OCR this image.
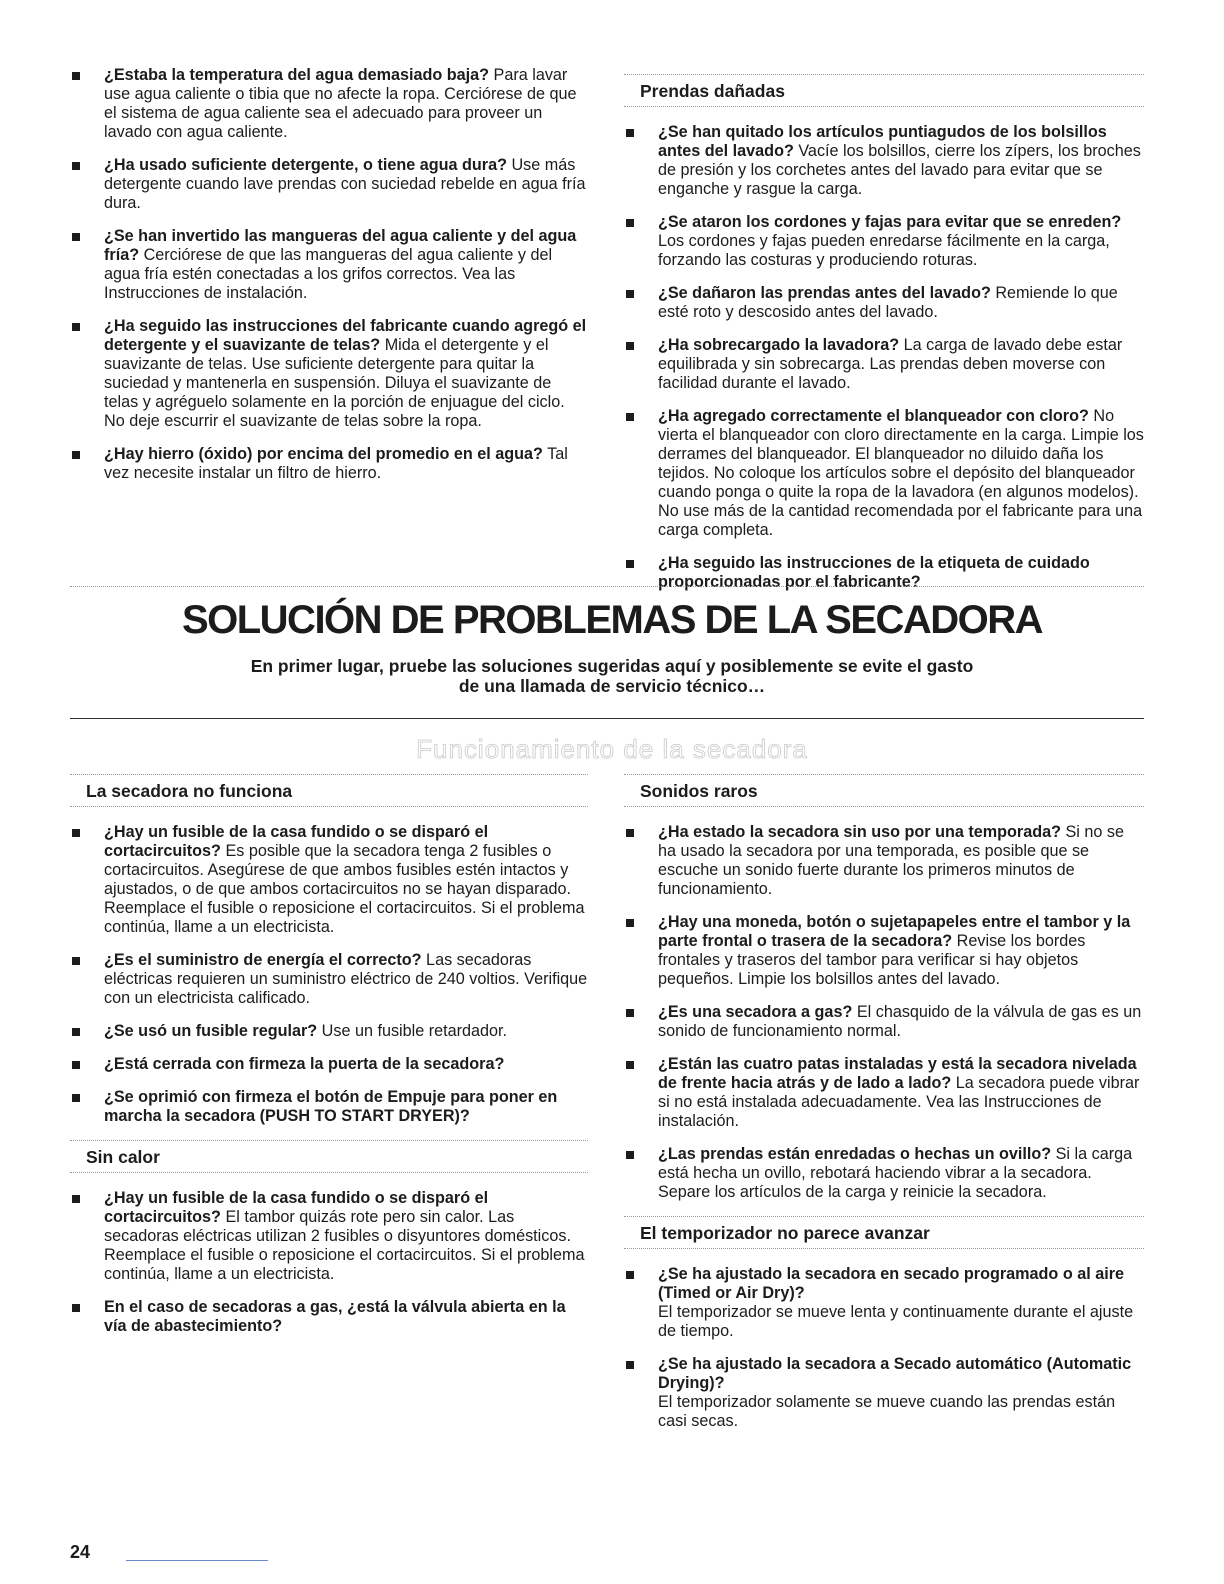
¿Estaba la temperatura del agua demasiado baja? Para lavar use agua caliente o tibia que no afecte la ropa. Cerciórese de que el sistema de agua caliente sea el adecuado para proveer un lavado con agua caliente.
¿Ha usado suficiente detergente, o tiene agua dura? Use más detergente cuando lave prendas con suciedad rebelde en agua fría dura.
¿Se han invertido las mangueras del agua caliente y del agua fría? Cerciórese de que las mangueras del agua caliente y del agua fría estén conectadas a los grifos correctos. Vea las Instrucciones de instalación.
¿Ha seguido las instrucciones del fabricante cuando agregó el detergente y el suavizante de telas? Mida el detergente y el suavizante de telas. Use suficiente detergente para quitar la suciedad y mantenerla en suspensión. Diluya el suavizante de telas y agréguelo solamente en la porción de enjuague del ciclo. No deje escurrir el suavizante de telas sobre la ropa.
¿Hay hierro (óxido) por encima del promedio en el agua? Tal vez necesite instalar un filtro de hierro.
Prendas dañadas
¿Se han quitado los artículos puntiagudos de los bolsillos antes del lavado? Vacíe los bolsillos, cierre los zípers, los broches de presión y los corchetes antes del lavado para evitar que se enganche y rasgue la carga.
¿Se ataron los cordones y fajas para evitar que se enreden? Los cordones y fajas pueden enredarse fácilmente en la carga, forzando las costuras y produciendo roturas.
¿Se dañaron las prendas antes del lavado? Remiende lo que esté roto y descosido antes del lavado.
¿Ha sobrecargado la lavadora? La carga de lavado debe estar equilibrada y sin sobrecarga. Las prendas deben moverse con facilidad durante el lavado.
¿Ha agregado correctamente el blanqueador con cloro? No vierta el blanqueador con cloro directamente en la carga. Limpie los derrames del blanqueador. El blanqueador no diluido daña los tejidos. No coloque los artículos sobre el depósito del blanqueador cuando ponga o quite la ropa de la lavadora (en algunos modelos). No use más de la cantidad recomendada por el fabricante para una carga completa.
¿Ha seguido las instrucciones de la etiqueta de cuidado proporcionadas por el fabricante?
SOLUCIÓN DE PROBLEMAS DE LA SECADORA
En primer lugar, pruebe las soluciones sugeridas aquí y posiblemente se evite el gasto
de una llamada de servicio técnico…
Funcionamiento de la secadora
La secadora no funciona
¿Hay un fusible de la casa fundido o se disparó el cortacircuitos? Es posible que la secadora tenga 2 fusibles o cortacircuitos. Asegúrese de que ambos fusibles estén intactos y ajustados, o de que ambos cortacircuitos no se hayan disparado. Reemplace el fusible o reposicione el cortacircuitos. Si el problema continúa, llame a un electricista.
¿Es el suministro de energía el correcto? Las secadoras eléctricas requieren un suministro eléctrico de 240 voltios. Verifique con un electricista calificado.
¿Se usó un fusible regular? Use un fusible retardador.
¿Está cerrada con firmeza la puerta de la secadora?
¿Se oprimió con firmeza el botón de Empuje para poner en marcha la secadora (PUSH TO START DRYER)?
Sin calor
¿Hay un fusible de la casa fundido o se disparó el cortacircuitos? El tambor quizás rote pero sin calor. Las secadoras eléctricas utilizan 2 fusibles o disyuntores domésticos. Reemplace el fusible o reposicione el cortacircuitos. Si el problema continúa, llame a un electricista.
En el caso de secadoras a gas, ¿está la válvula abierta en la vía de abastecimiento?
Sonidos raros
¿Ha estado la secadora sin uso por una temporada? Si no se ha usado la secadora por una temporada, es posible que se escuche un sonido fuerte durante los primeros minutos de funcionamiento.
¿Hay una moneda, botón o sujetapapeles entre el tambor y la parte frontal o trasera de la secadora? Revise los bordes frontales y traseros del tambor para verificar si hay objetos pequeños. Limpie los bolsillos antes del lavado.
¿Es una secadora a gas? El chasquido de la válvula de gas es un sonido de funcionamiento normal.
¿Están las cuatro patas instaladas y está la secadora nivelada de frente hacia atrás y de lado a lado? La secadora puede vibrar si no está instalada adecuadamente. Vea las Instrucciones de instalación.
¿Las prendas están enredadas o hechas un ovillo? Si la carga está hecha un ovillo, rebotará haciendo vibrar a la secadora. Separe los artículos de la carga y reinicie la secadora.
El temporizador no parece avanzar
¿Se ha ajustado la secadora en secado programado o al aire (Timed or Air Dry)?
El temporizador se mueve lenta y continuamente durante el ajuste de tiempo.
¿Se ha ajustado la secadora a Secado automático (Automatic Drying)?
El temporizador solamente se mueve cuando las prendas están casi secas.
24
